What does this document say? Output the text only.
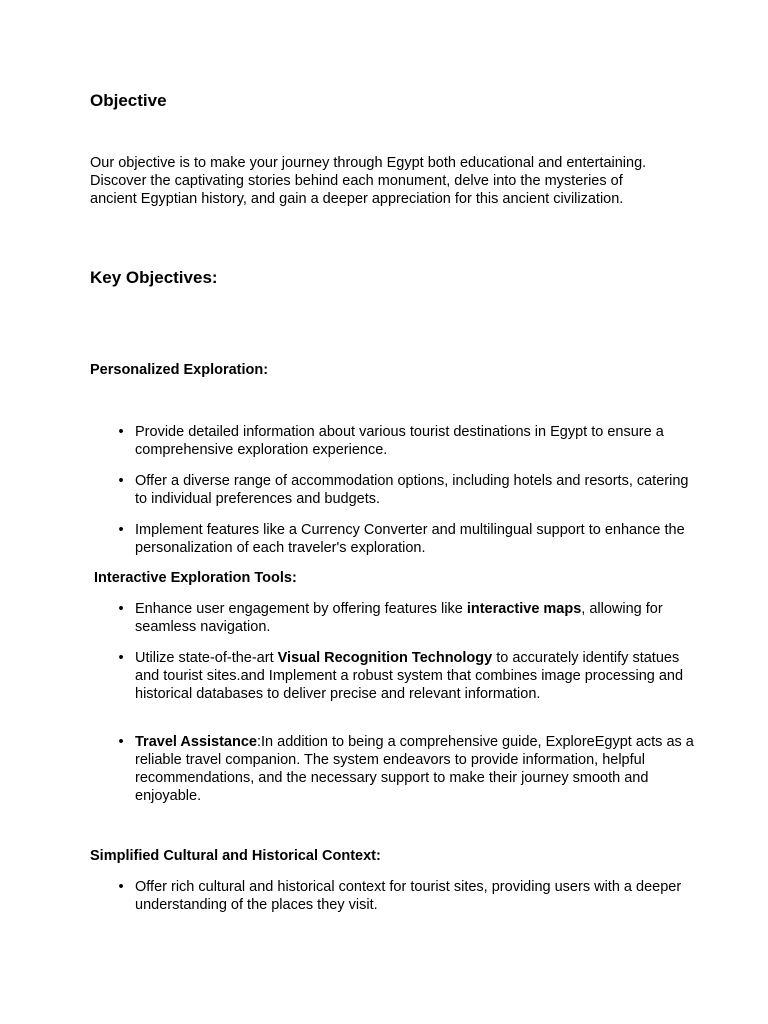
Objective

Our objective is to make your journey through Egypt both educational and entertaining. Discover the captivating stories behind each monument, delve into the mysteries of ancient Egyptian history, and gain a deeper appreciation for this ancient civilization.

Key Objectives:
Personalized Exploration:
• Provide detailed information about various tourist destinations in Egypt to ensure a comprehensive exploration experience.
• Offer a diverse range of accommodation options, including hotels and resorts, catering to individual preferences and budgets.
• Implement features like a Currency Converter and multilingual support to enhance the personalization of each traveler's exploration.
Interactive Exploration Tools:
• Enhance user engagement by offering features like interactive maps, allowing for seamless navigation.
• Utilize state-of-the-art Visual Recognition Technology to accurately identify statues and tourist sites.and Implement a robust system that combines image processing and historical databases to deliver precise and relevant information.
• Travel Assistance:In addition to being a comprehensive guide, ExploreEgypt acts as a reliable travel companion. The system endeavors to provide information, helpful recommendations, and the necessary support to make their journey smooth and enjoyable.
Simplified Cultural and Historical Context:
• Offer rich cultural and historical context for tourist sites, providing users with a deeper understanding of the places they visit.
